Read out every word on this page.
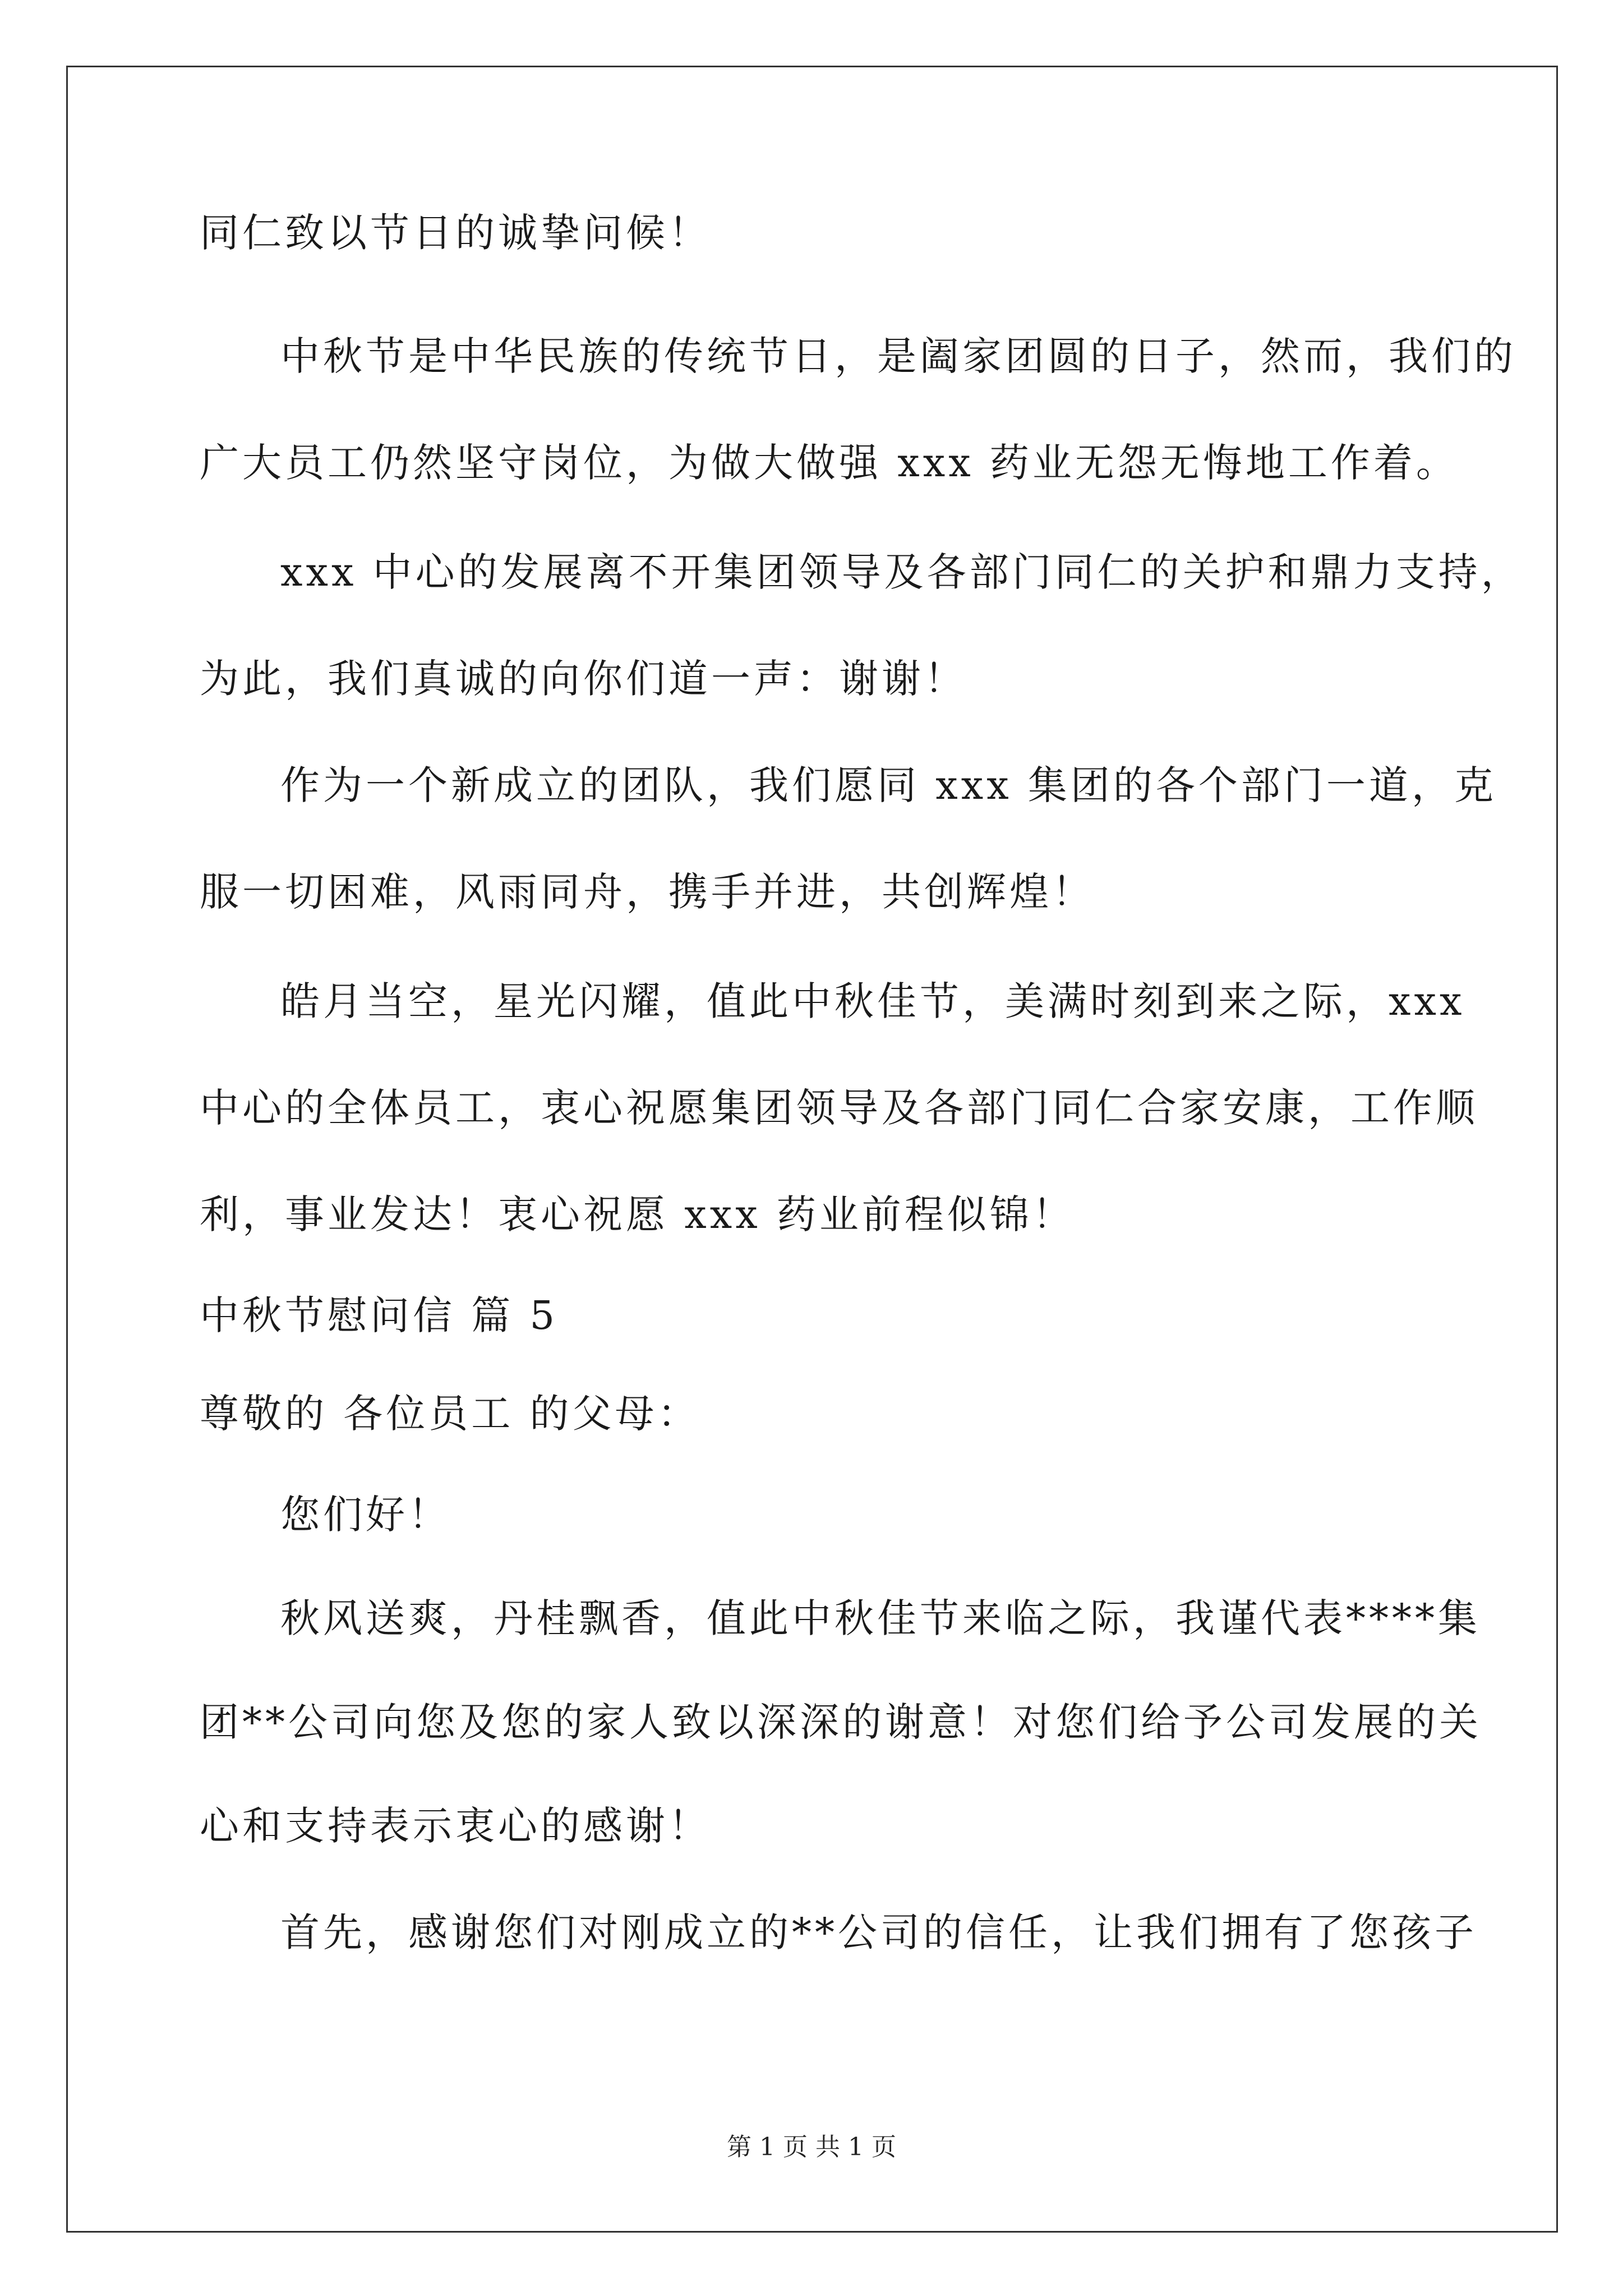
同仁致以节日的诚挚问候！
中秋节是中华民族的传统节日，是阖家团圆的日子，然而，我们的
广大员工仍然坚守岗位，为做大做强 xxx 药业无怨无悔地工作着。
xxx 中心的发展离不开集团领导及各部门同仁的关护和鼎力支持，
为此，我们真诚的向你们道一声：谢谢！
作为一个新成立的团队，我们愿同 xxx 集团的各个部门一道，克
服一切困难，风雨同舟，携手并进，共创辉煌！
皓月当空，星光闪耀，值此中秋佳节，美满时刻到来之际，xxx
中心的全体员工，衷心祝愿集团领导及各部门同仁合家安康，工作顺
利，事业发达！衷心祝愿 xxx 药业前程似锦！
中秋节慰问信 篇 5
尊敬的 各位员工 的父母：
您们好！
秋风送爽，丹桂飘香，值此中秋佳节来临之际，我谨代表****集
团**公司向您及您的家人致以深深的谢意！对您们给予公司发展的关
心和支持表示衷心的感谢！
首先，感谢您们对刚成立的**公司的信任，让我们拥有了您孩子
第 1 页 共 1 页
